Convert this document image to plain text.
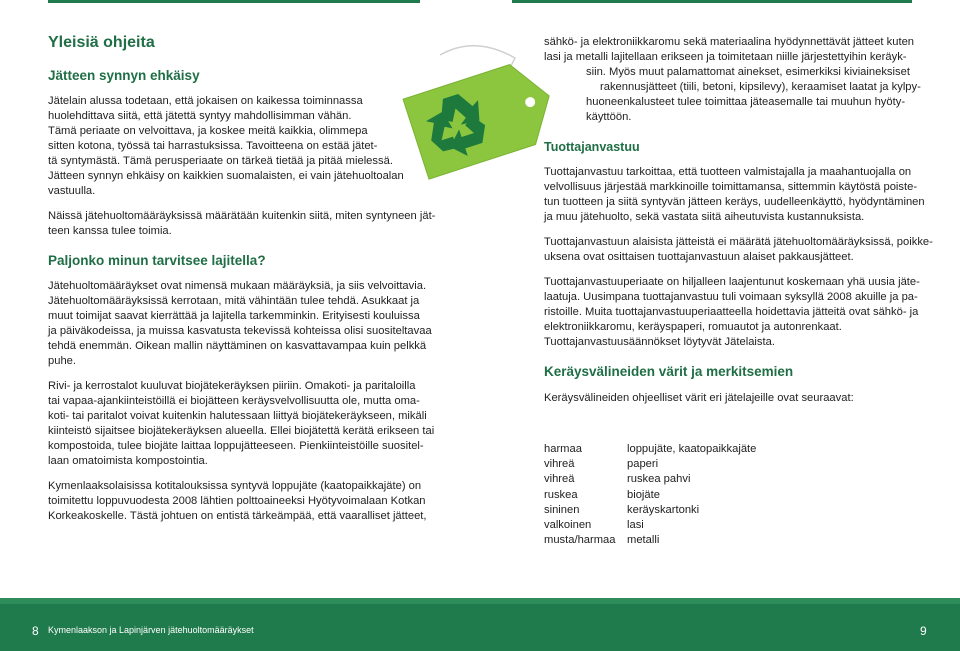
Yleisiä ohjeita
Jätteen synnyn ehkäisy

Jätelain alussa todetaan, että jokaisen on kaikessa toiminnassa
huolehdittava siitä, että jätettä syntyy mahdollisimman vähän.
Tämä periaate on velvoittava, ja koskee meitä kaikkia, olimmepa
sitten kotona, työssä tai harrastuksissa. Tavoitteena on estää jätet-
tä syntymästä. Tämä perusperiaate on tärkeä tietää ja pitää mielessä.
Jätteen synnyn ehkäisy on kaikkien suomalaisten, ei vain jätehuoltoalan
vastuulla.

Näissä jätehuoltomääräyksissä määrätään kuitenkin siitä, miten syntyneen jät-
teen kanssa tulee toimia.

Paljonko minun tarvitsee lajitella?

Jätehuoltomääräykset ovat nimensä mukaan määräyksiä, ja siis velvoittavia.
Jätehuoltomääräyksissä kerrotaan, mitä vähintään tulee tehdä. Asukkaat ja
muut toimijat saavat kierrättää ja lajitella tarkemminkin. Erityisesti kouluissa
ja päiväkodeissa, ja muissa kasvatusta tekevissä kohteissa olisi suositeltavaa
tehdä enemmän. Oikean mallin näyttäminen on kasvattavampaa kuin pelkkä
puhe.

Rivi- ja kerrostalot kuuluvat biojätekeräyksen piiriin. Omakoti- ja paritaloilla
tai vapaa-ajankiinteistöillä ei biojätteen keräysvelvollisuutta ole, mutta oma-
koti- tai paritalot voivat kuitenkin halutessaan liittyä biojätekeräykseen, mikäli
kiinteistö sijaitsee biojätekeräyksen alueella. Ellei biojätettä kerätä erikseen tai
kompostoida, tulee biojäte laittaa loppujätteeseen. Pienkiinteistöille suositel-
laan omatoimista kompostointia.

Kymenlaaksolaisissa kotitalouksissa syntyvä loppujäte (kaatopaikkajäte) on
toimitettu loppuvuodesta 2008 lähtien polttoaineeksi Hyötyvoimalaan Kotkan
Korkeakoskelle. Tästä johtuen on entistä tärkeämpää, että vaaralliset jätteet,

sähkö- ja elektroniikkaromu sekä materiaalina hyödynnettävät jätteet kuten
lasi ja metalli lajitellaan erikseen ja toimitetaan niille järjestettyihin keräyk-
siin. Myös muut palamattomat ainekset, esimerkiksi kiviaineksiset
rakennusjätteet (tiili, betoni, kipsilevy), keraamiset laatat ja kylpy-
huoneenkalusteet tulee toimittaa jäteasemalle tai muuhun hyöty-
käyttöön.

Tuottajanvastuu

Tuottajanvastuu tarkoittaa, että tuotteen valmistajalla ja maahantuojalla on
velvollisuus järjestää markkinoille toimittamansa, sittemmin käytöstä poiste-
tun tuotteen ja siitä syntyvän jätteen keräys, uudelleenkäyttö, hyödyntäminen
ja muu jätehuolto, sekä vastata siitä aiheutuvista kustannuksista.

Tuottajanvastuun alaisista jätteistä ei määrätä jätehuoltomääräyksissä, poikke-
uksena ovat osittaisen tuottajanvastuun alaiset pakkausjätteet.

Tuottajanvastuuperiaate on hiljalleen laajentunut koskemaan yhä uusia jäte-
laatuja. Uusimpana tuottajanvastuu tuli voimaan syksyllä 2008 akuille ja pa-
ristoille. Muita tuottajanvastuuperiaatteella hoidettavia jätteitä ovat sähkö- ja
elektroniikkaromu, keräyspaperi, romuautot ja autonrenkaat.
Tuottajanvastuusäännökset löytyvät Jätelaista.

Keräysvälineiden värit ja merkitsemien

Keräysvälineiden ohjeelliset värit eri jätelajeille ovat seuraavat:

harmaa	loppujäte, kaatopaikkajäte
vihreä	paperi
vihreä	ruskea pahvi
ruskea	biojäte
sininen	keräyskartonki
valkoinen	lasi
musta/harmaa	metalli
8 Kymenlaakson ja Lapinjärven jätehuoltomääräykset	9
